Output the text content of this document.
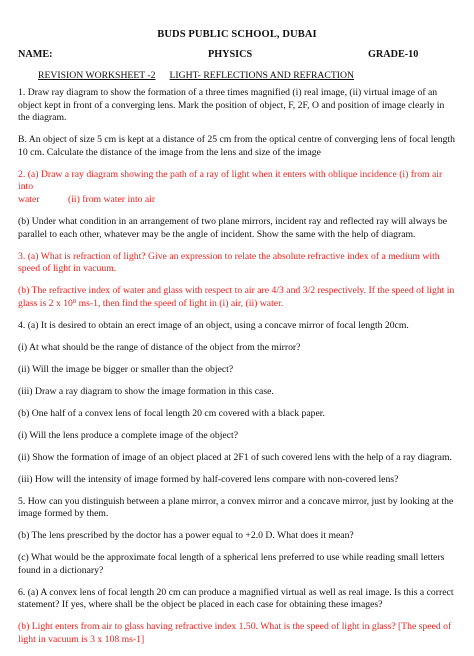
BUDS PUBLIC SCHOOL, DUBAI
NAME:	PHYSICS	GRADE-10
REVISION WORKSHEET -2 LIGHT- REFLECTIONS AND REFRACTION

1. Draw ray diagram to show the formation of a three times magnified (i) real image, (ii) virtual image of an object kept in front of a converging lens. Mark the position of object, F, 2F, O and position of image clearly in the diagram.

B. An object of size 5 cm is kept at a distance of 25 cm from the optical centre of converging lens of focal length 10 cm. Calculate the distance of the image from the lens and size of the image

2. (a) Draw a ray diagram showing the path of a ray of light when it enters with oblique incidence (i) from air into
water	(ii) from water into air

(b) Under what condition in an arrangement of two plane mirrors, incident ray and reflected ray will always be parallel to each other, whatever may be the angle of incident. Show the same with the help of diagram.

3. (a) What is refraction of light? Give an expression to relate the absolute refractive index of a medium with speed of light in vacuum.

(b) The refractive index of water and glass with respect to air are 4/3 and 3/2 respectively. If the speed of light in glass is 2 x $10^8$ ms-1, then find the speed of light in (i) air, (ii) water.

4. (a) It is desired to obtain an erect image of an object, using a concave mirror of focal length 20cm.

(i) At what should be the range of distance of the object from the mirror?

(ii) Will the image be bigger or smaller than the object?

(iii) Draw a ray diagram to show the image formation in this case.

(b) One half of a convex lens of focal length 20 cm covered with a black paper.

(i) Will the lens produce a complete image of the object?

(ii) Show the formation of image of an object placed at 2F1 of such covered lens with the help of a ray diagram.

(iii) How will the intensity of image formed by half-covered lens compare with non-covered lens?

5. How can you distinguish between a plane mirror, a convex mirror and a concave mirror, just by looking at the image formed by them.

(b) The lens prescribed by the doctor has a power equal to +2.0 D. What does it mean?

(c) What would be the approximate focal length of a spherical lens preferred to use while reading small letters found in a dictionary?

6. (a) A convex lens of focal length 20 cm can produce a magnified virtual as well as real image. Is this a correct statement? If yes, where shall be the object be placed in each case for obtaining these images?

(b) Light enters from air to glass having refractive index 1.50. What is the speed of light in glass? [The speed of light in vacuum is 3 x 108 ms-1]
